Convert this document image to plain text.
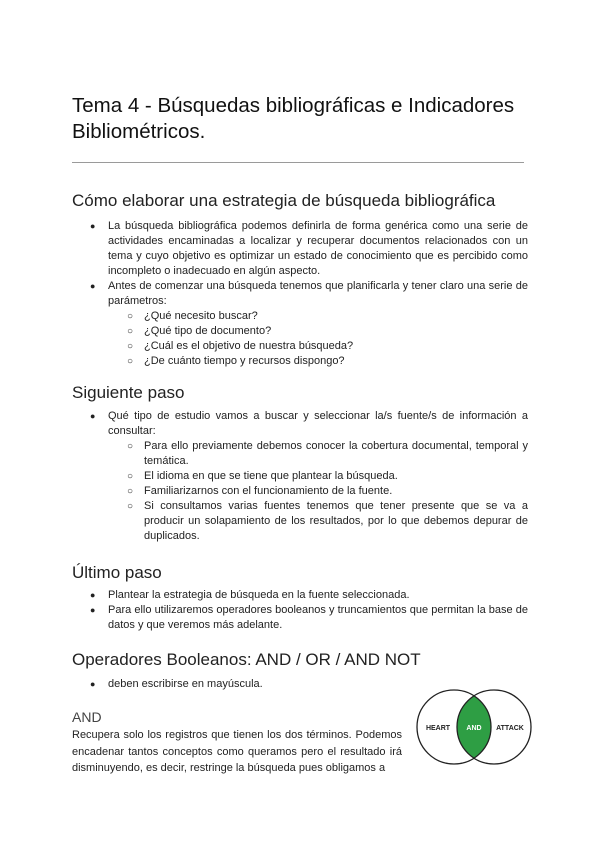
Tema 4 - Búsquedas bibliográficas e Indicadores Bibliométricos.
Cómo elaborar una estrategia de búsqueda bibliográfica
● La búsqueda bibliográfica podemos definirla de forma genérica como una serie de actividades encaminadas a localizar y recuperar documentos relacionados con un tema y cuyo objetivo es optimizar un estado de conocimiento que es percibido como incompleto o inadecuado en algún aspecto.
● Antes de comenzar una búsqueda tenemos que planificarla y tener claro una serie de parámetros:
○ ¿Qué necesito buscar?
○ ¿Qué tipo de documento?
○ ¿Cuál es el objetivo de nuestra búsqueda?
○ ¿De cuánto tiempo y recursos dispongo?
Siguiente paso
● Qué tipo de estudio vamos a buscar y seleccionar la/s fuente/s de información a consultar:
○ Para ello previamente debemos conocer la cobertura documental, temporal y temática.
○ El idioma en que se tiene que plantear la búsqueda.
○ Familiarizarnos con el funcionamiento de la fuente.
○ Si consultamos varias fuentes tenemos que tener presente que se va a producir un solapamiento de los resultados, por lo que debemos depurar de duplicados.
Último paso
● Plantear la estrategia de búsqueda en la fuente seleccionada.
● Para ello utilizaremos operadores booleanos y truncamientos que permitan la base de datos y que veremos más adelante.
Operadores Booleanos: AND / OR / AND NOT
● deben escribirse en mayúscula.
AND

Recupera solo los registros que tienen los dos términos. Podemos encadenar tantos conceptos como queramos pero el resultado irá disminuyendo, es decir, restringe la búsqueda pues obligamos a

HEART AND ATTACK
